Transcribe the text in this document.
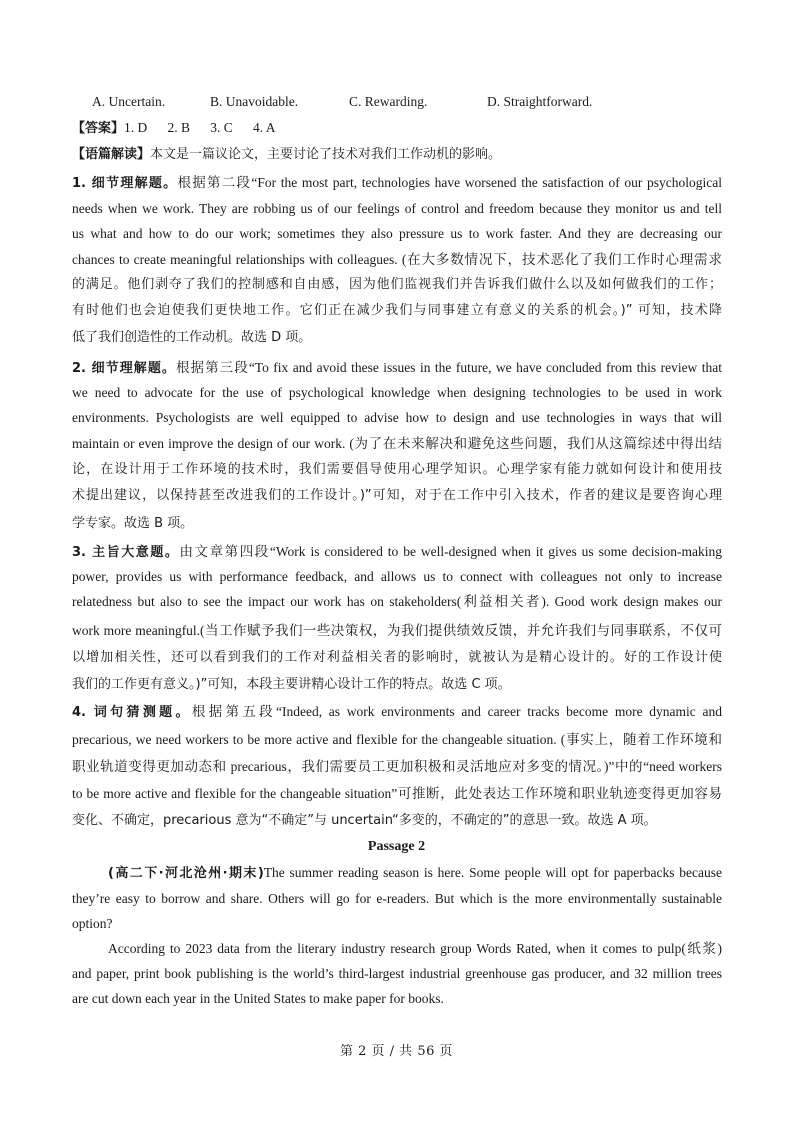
A. Uncertain.	B. Unavoidable.	C. Rewarding.	D. Straightforward.
【答案】1. D      2. B      3. C      4. A
【语篇解读】本文是一篇议论文，主要讨论了技术对我们工作动机的影响。
1. 细节理解题。根据第二段“For the most part, technologies have worsened the satisfaction of our psychological
needs when we work. They are robbing us of our feelings of control and freedom because they monitor us and tell
us what and how to do our work; sometimes they also pressure us to work faster. And they are decreasing our
chances to create meaningful relationships with colleagues. (在大多数情况下，技术恶化了我们工作时心理需求
的满足。他们剥夺了我们的控制感和自由感，因为他们监视我们并告诉我们做什么以及如何做我们的工作；
有时他们也会迫使我们更快地工作。它们正在减少我们与同事建立有意义的关系的机会。)” 可知，技术降
低了我们创造性的工作动机。故选 D 项。
2. 细节理解题。根据第三段“To fix and avoid these issues in the future, we have concluded from this review that
we need to advocate for the use of psychological knowledge when designing technologies to be used in work
environments. Psychologists are well equipped to advise how to design and use technologies in ways that will
maintain or even improve the design of our work. (为了在未来解决和避免这些问题，我们从这篇综述中得出结
论，在设计用于工作环境的技术时，我们需要倡导使用心理学知识。心理学家有能力就如何设计和使用技
术提出建议，以保持甚至改进我们的工作设计。)”可知，对于在工作中引入技术，作者的建议是要咨询心理
学专家。故选 B 项。
3. 主旨大意题。由文章第四段“Work is considered to be well-designed when it gives us some decision-making
power, provides us with performance feedback, and allows us to connect with colleagues not only to increase
relatedness but also to see the impact our work has on stakeholders(利益相关者). Good work design makes our
work more meaningful.(当工作赋予我们一些决策权，为我们提供绩效反馈，并允许我们与同事联系，不仅可
以增加相关性，还可以看到我们的工作对利益相关者的影响时，就被认为是精心设计的。好的工作设计使
我们的工作更有意义。)”可知，本段主要讲精心设计工作的特点。故选 C 项。
4. 词句猜测题。根据第五段“Indeed, as work environments and career tracks become more dynamic and
precarious, we need workers to be more active and flexible for the changeable situation. (事实上，随着工作环境和
职业轨道变得更加动态和 precarious，我们需要员工更加积极和灵活地应对多变的情况。)”中的“need workers
to be more active and flexible for the changeable situation”可推断，此处表达工作环境和职业轨迹变得更加容易
变化、不确定，precarious 意为“不确定”与 uncertain“多变的，不确定的”的意思一致。故选 A 项。
Passage 2
(高二下·河北沧州·期末)The summer reading season is here. Some people will opt for paperbacks because
they’re easy to borrow and share. Others will go for e-readers. But which is the more environmentally sustainable
option?
According to 2023 data from the literary industry research group Words Rated, when it comes to pulp(纸浆)
and paper, print book publishing is the world’s third-largest industrial greenhouse gas producer, and 32 million trees
are cut down each year in the United States to make paper for books.
第 2 页 / 共 56 页
